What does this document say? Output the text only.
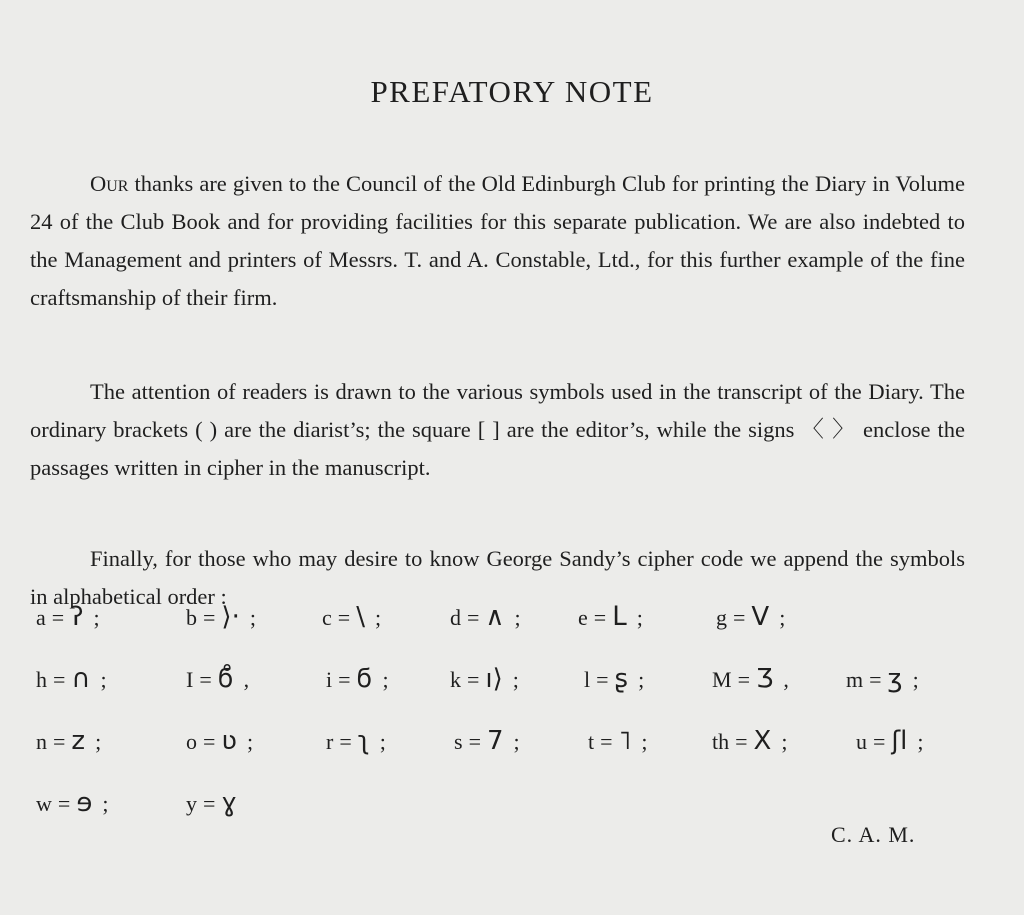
PREFATORY NOTE

Our thanks are given to the Council of the Old Edinburgh Club for printing the Diary in Volume 24 of the Club Book and for providing facilities for this separate publication. We are also indebted to the Management and printers of Messrs. T. and A. Constable, Ltd., for this further example of the fine craftsmanship of their firm.

The attention of readers is drawn to the various symbols used in the transcript of the Diary. The ordinary brackets ( ) are the diarist’s; the square [ ] are the editor’s, while the signs 〈 〉 enclose the passages written in cipher in the manuscript.

Finally, for those who may desire to know George Sandy’s cipher code we append the symbols in alphabetical order :

a = ʔ ;	b = ⟩· ;	c = \ ;	d = ∧ ;	e = ᒪ ;	g = V ;
h = ∩ ;	I = ϭ̊ ,	i = ϭ ;	k = ı⟩ ;	l = ʂ ;	M = Ʒ ,	m = ʒ ;
n = z ;	o = ʋ ;	r = ʅ ;	s = 7 ;	t = ˥ ;	th = X ;	u = ʃl ;
w = ɘ ;	y = ɣ
C. A. M.
